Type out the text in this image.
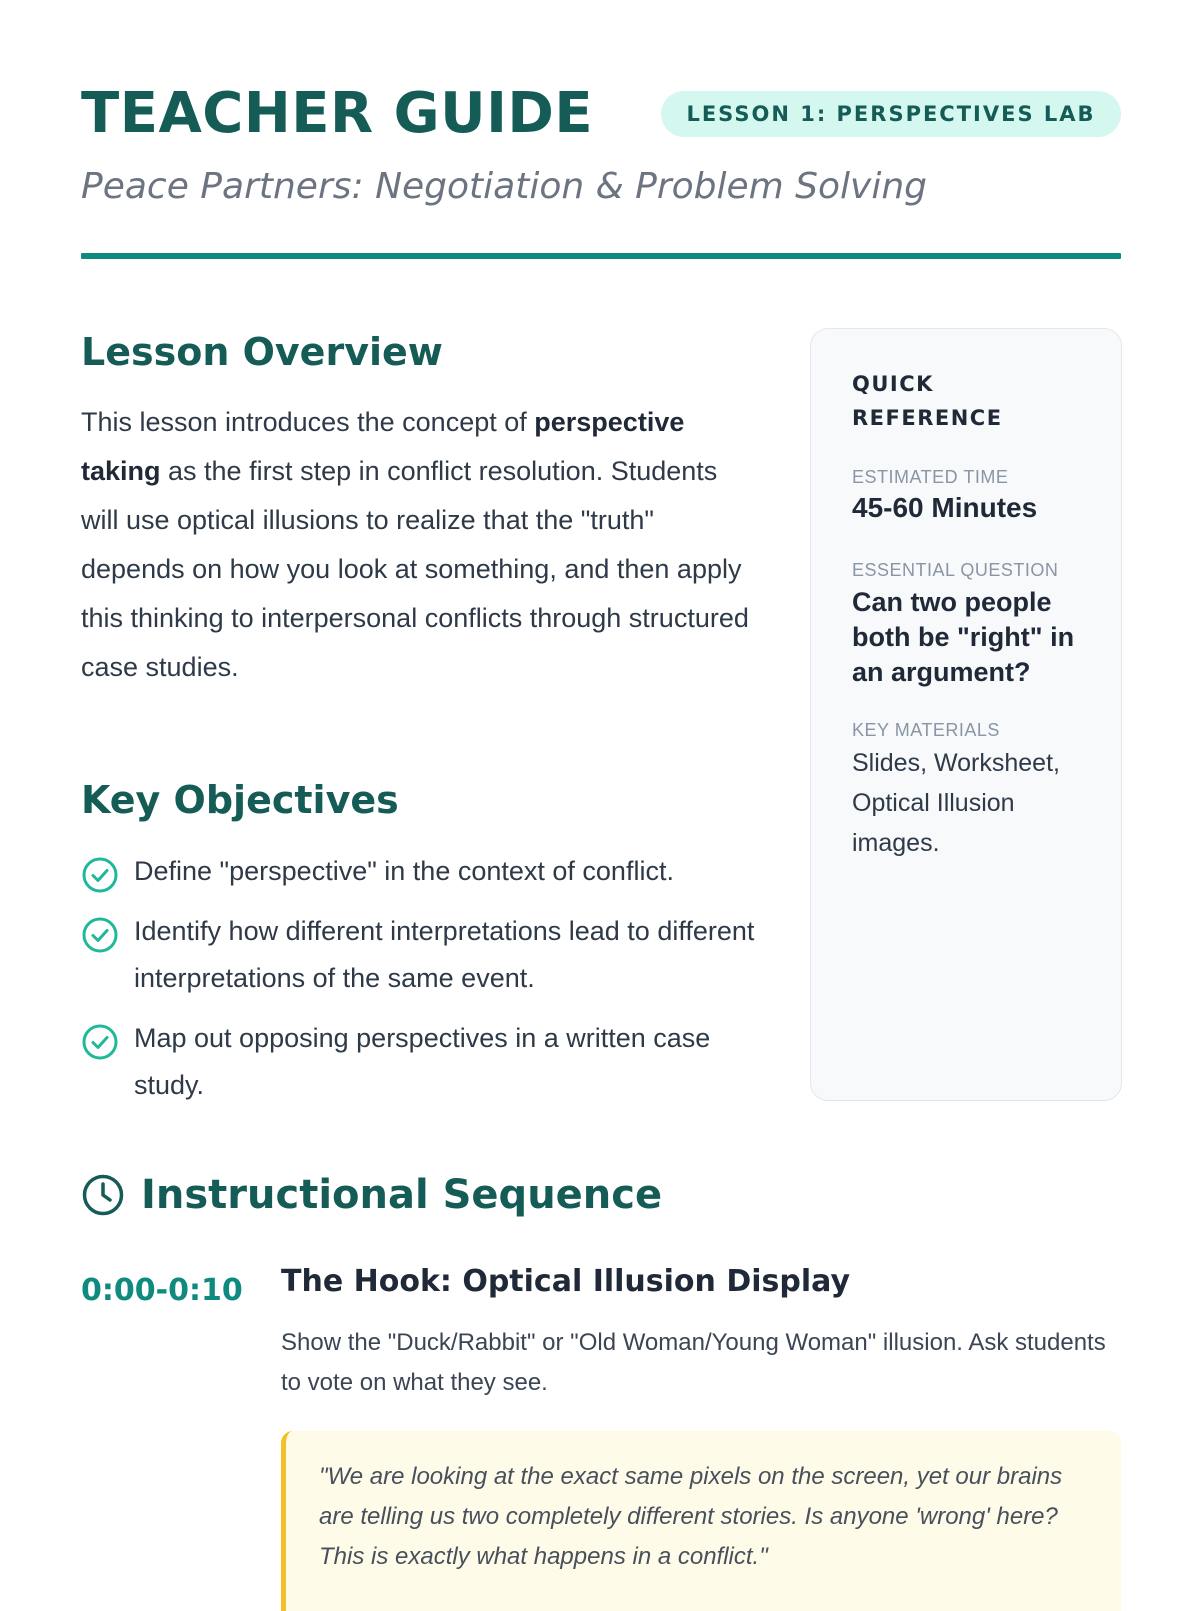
TEACHER GUIDE	LESSON 1: PERSPECTIVES LAB

Peace Partners: Negotiation & Problem Solving

Lesson Overview

This lesson introduces the concept of perspective taking as the first step in conflict resolution. Students will use optical illusions to realize that the "truth" depends on how you look at something, and then apply this thinking to interpersonal conflicts through structured case studies.

Key Objectives
Define "perspective" in the context of conflict.
Identify how different interpretations lead to different interpretations of the same event.
Map out opposing perspectives in a written case study.

QUICK REFERENCE

ESTIMATED TIME

45-60 Minutes

ESSENTIAL QUESTION

Can two people both be "right" in an argument?

KEY MATERIALS

Slides, Worksheet, Optical Illusion images.

Instructional Sequence
0:00-0:10 The Hook: Optical Illusion Display

Show the "Duck/Rabbit" or "Old Woman/Young Woman" illusion. Ask students to vote on what they see.

"We are looking at the exact same pixels on the screen, yet our brains are telling us two completely different stories. Is anyone 'wrong' here? This is exactly what happens in a conflict."
